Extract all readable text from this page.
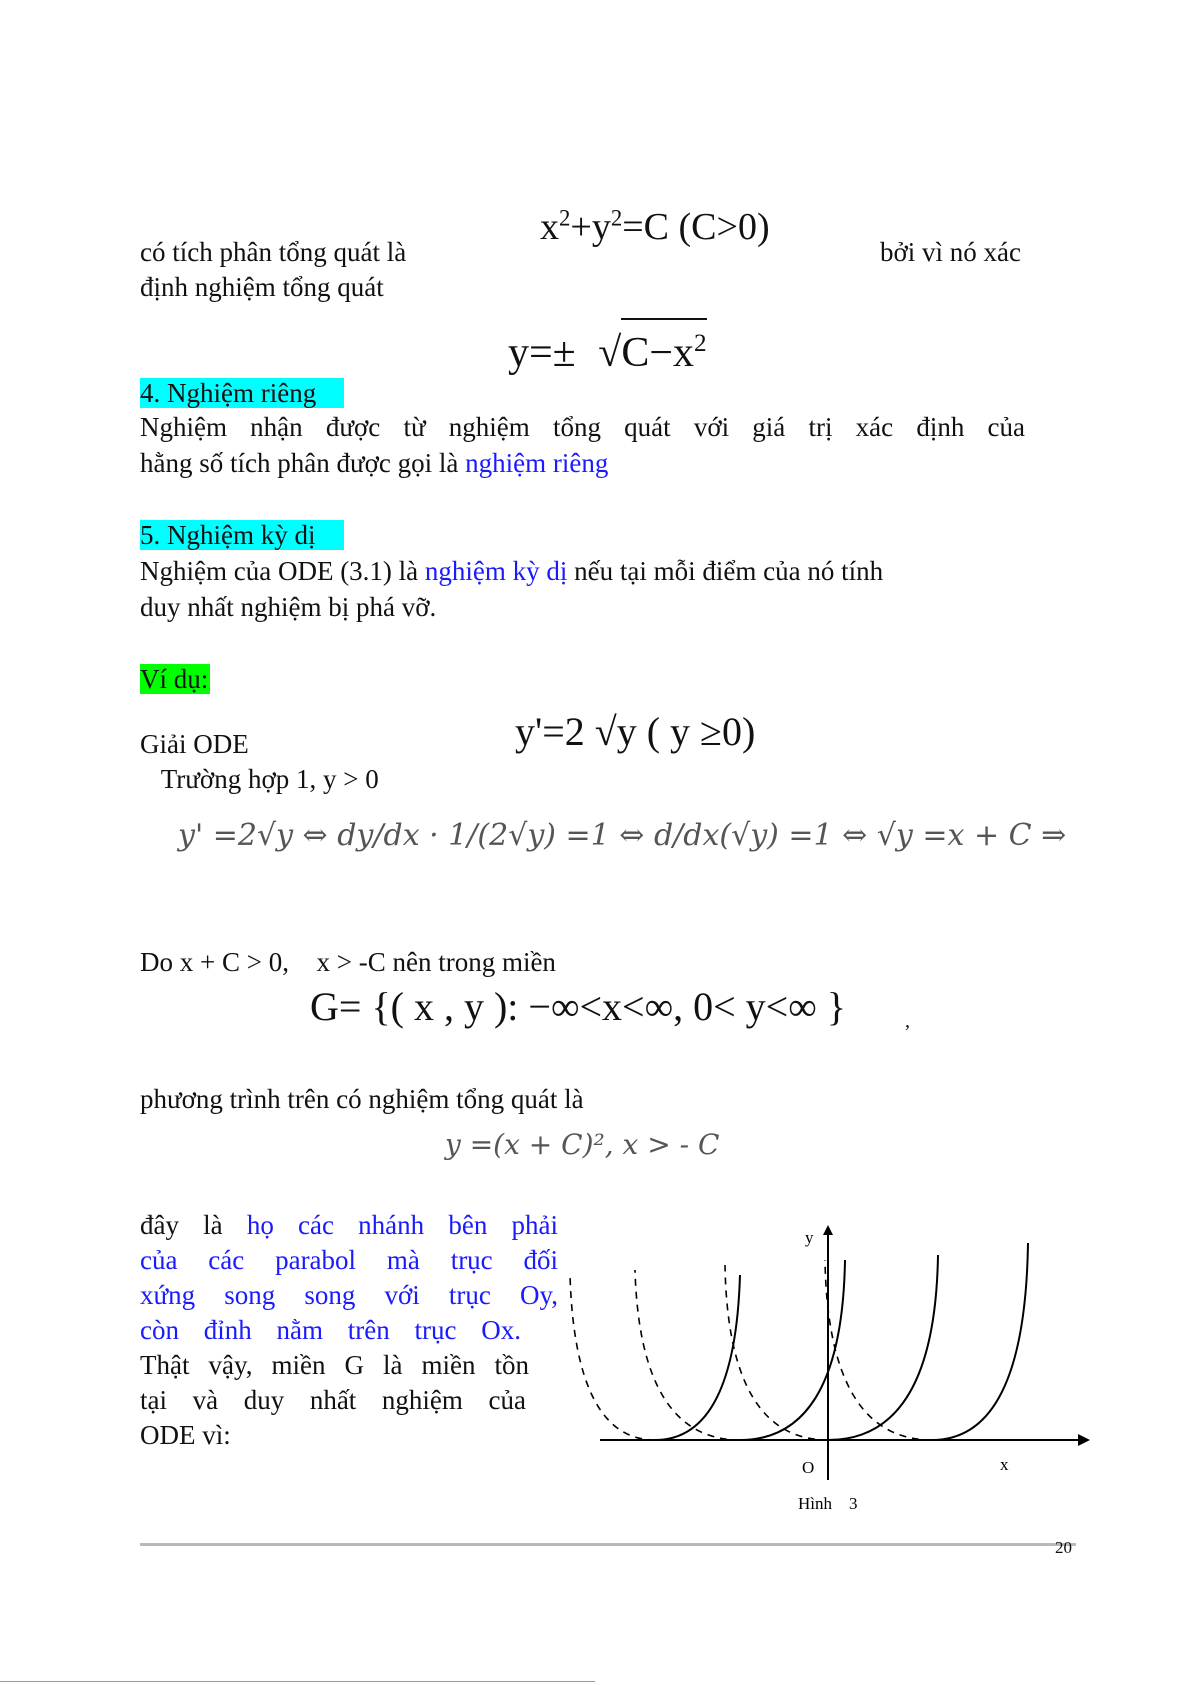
có tích phân tổng quát là
$x^2+y^2=C$ (C>0)
bởi vì nó xác
định nghiệm tổng quát
$y=\pm √C-x^2$
4. Nghiệm riêng
Nghiệm nhận được từ nghiệm tổng quát với giá trị xác định của
hằng số tích phân được gọi là nghiệm riêng
5. Nghiệm kỳ dị
Nghiệm của ODE (3.1) là nghiệm kỳ dị nếu tại mỗi điểm của nó tính
duy nhất nghiệm bị phá vỡ.
Ví dụ:
y'=2 √y ( y ≥0)
Giải ODE
Trường hợp 1, y > 0
y' =2√y ⇔ dy/dx · 1/(2√y) =1 ⇔ d/dx(√y) =1 ⇔ √y =x + C ⇒
Do x + C > 0, x > -C nên trong miền
G= {( x , y ): −∞<x<∞, 0< y<∞ }	,
phương trình trên có nghiệm tổng quát là
y =(x + C)², x > - C
đây là họ các nhánh bên phải
của các parabol mà trục đối
xứng song song với trục Oy,
còn đỉnh nằm trên trục Ox.
Thật vậy, miền G là miền tồn
tại và duy nhất nghiệm của
ODE vì:
y
x
O
Hình    3
20
